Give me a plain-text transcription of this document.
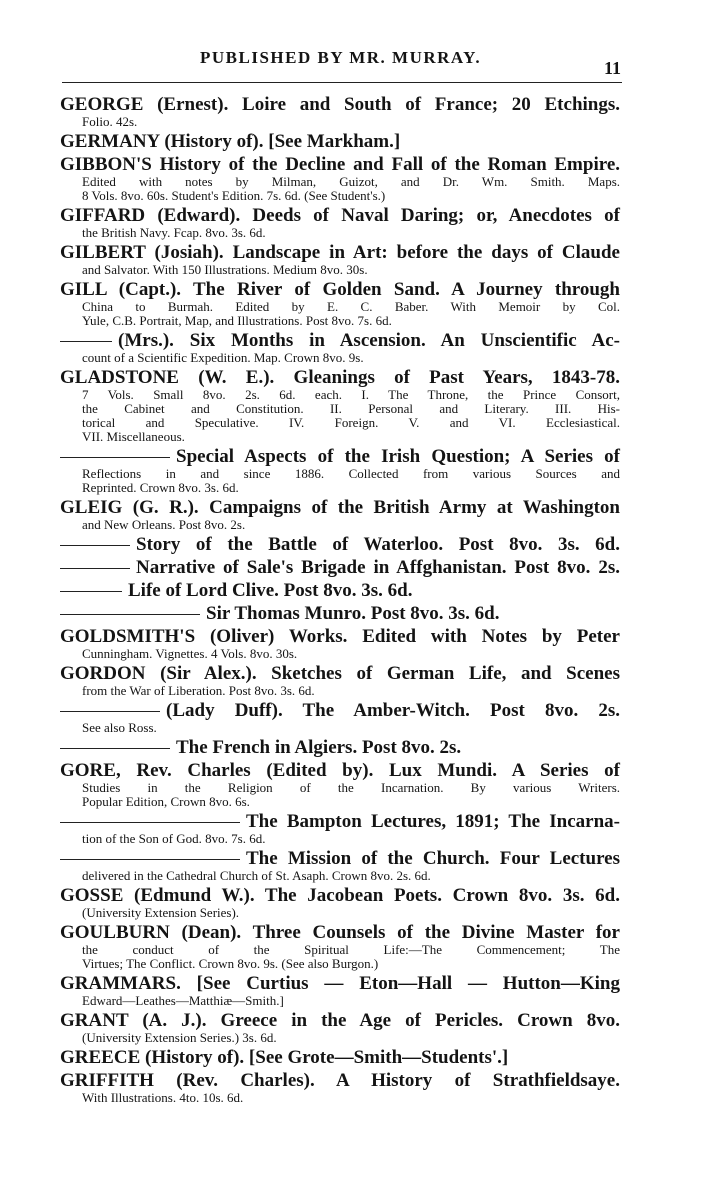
PUBLISHED BY MR. MURRAY.
11
GEORGE (Ernest). Loire and South of France; 20 Etchings.
Folio. 42s.
GERMANY (History of). [See Markham.]
GIBBON'S History of the Decline and Fall of the Roman Empire.
Edited with notes by Milman, Guizot, and Dr. Wm. Smith. Maps.
8 Vols. 8vo. 60s. Student's Edition. 7s. 6d. (See Student's.)
GIFFARD (Edward). Deeds of Naval Daring; or, Anecdotes of
the British Navy. Fcap. 8vo. 3s. 6d.
GILBERT (Josiah). Landscape in Art: before the days of Claude
and Salvator. With 150 Illustrations. Medium 8vo. 30s.
GILL (Capt.). The River of Golden Sand. A Journey through
China to Burmah. Edited by E. C. Baber. With Memoir by Col.
Yule, C.B. Portrait, Map, and Illustrations. Post 8vo. 7s. 6d.
(Mrs.). Six Months in Ascension. An Unscientific Ac-
count of a Scientific Expedition. Map. Crown 8vo. 9s.
GLADSTONE (W. E.). Gleanings of Past Years, 1843-78.
7 Vols. Small 8vo. 2s. 6d. each. I. The Throne, the Prince Consort,
the Cabinet and Constitution. II. Personal and Literary. III. His-
torical and Speculative. IV. Foreign. V. and VI. Ecclesiastical.
VII. Miscellaneous.
Special Aspects of the Irish Question; A Series of
Reflections in and since 1886. Collected from various Sources and
Reprinted. Crown 8vo. 3s. 6d.
GLEIG (G. R.). Campaigns of the British Army at Washington
and New Orleans. Post 8vo. 2s.
Story of the Battle of Waterloo. Post 8vo. 3s. 6d.
Narrative of Sale's Brigade in Affghanistan. Post 8vo. 2s.
Life of Lord Clive. Post 8vo. 3s. 6d.
Sir Thomas Munro. Post 8vo. 3s. 6d.
GOLDSMITH'S (Oliver) Works. Edited with Notes by Peter
Cunningham. Vignettes. 4 Vols. 8vo. 30s.
GORDON (Sir Alex.). Sketches of German Life, and Scenes
from the War of Liberation. Post 8vo. 3s. 6d.
(Lady Duff). The Amber-Witch. Post 8vo. 2s.
See also Ross.
The French in Algiers. Post 8vo. 2s.
GORE, Rev. Charles (Edited by). Lux Mundi. A Series of
Studies in the Religion of the Incarnation. By various Writers.
Popular Edition, Crown 8vo. 6s.
The Bampton Lectures, 1891; The Incarna-
tion of the Son of God. 8vo. 7s. 6d.
The Mission of the Church. Four Lectures
delivered in the Cathedral Church of St. Asaph. Crown 8vo. 2s. 6d.
GOSSE (Edmund W.). The Jacobean Poets. Crown 8vo. 3s. 6d.
(University Extension Series).
GOULBURN (Dean). Three Counsels of the Divine Master for
the conduct of the Spiritual Life:—The Commencement; The
Virtues; The Conflict. Crown 8vo. 9s. (See also Burgon.)
GRAMMARS. [See Curtius — Eton—Hall — Hutton—King
Edward—Leathes—Matthiæ—Smith.]
GRANT (A. J.). Greece in the Age of Pericles. Crown 8vo.
(University Extension Series.) 3s. 6d.
GREECE (History of). [See Grote—Smith—Students'.]
GRIFFITH (Rev. Charles). A History of Strathfieldsaye.
With Illustrations. 4to. 10s. 6d.
